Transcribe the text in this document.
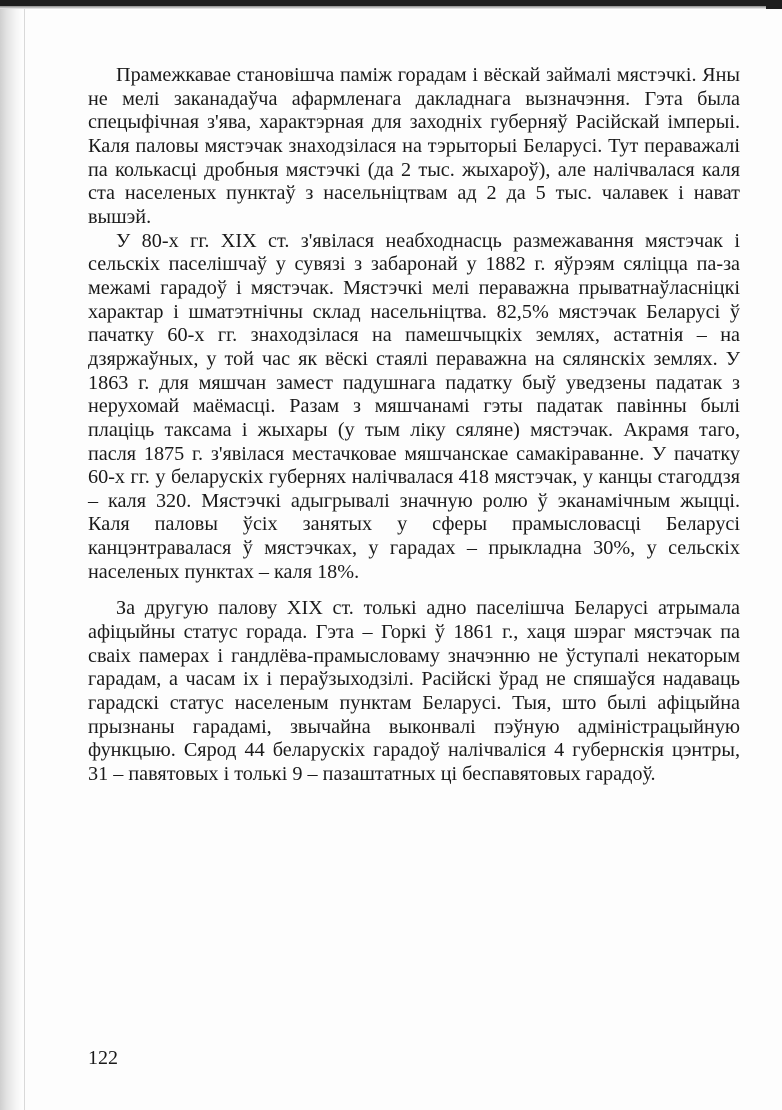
Прамежкавае становішча паміж горадам і вёскай займалі мястэчкі. Яны не мелі заканадаўча афармленага дакладнага вызначэння. Гэта была спецыфічная з'ява, характэрная для заходніх губерняў Расійскай імперыі. Каля паловы мястэчак знаходзілася на тэрыторыі Беларусі. Тут пераважалі па колькасці дробныя мястэчкі (да 2 тыс. жыхароў), але налічвалася каля ста населеных пунктаў з насельніцтвам ад 2 да 5 тыс. чалавек і нават вышэй.

У 80-х гг. ХІХ ст. з'явілася неабходнасць размежавання мястэчак і сельскіх паселішчаў у сувязі з забаронай у 1882 г. яўрэям сяліцца па-за межамі гарадоў і мястэчак. Мястэчкі мелі пераважна прыватнаўласніцкі характар і шматэтнічны склад насельніцтва. 82,5% мястэчак Беларусі ў пачатку 60-х гг. знаходзілася на памешчыцкіх землях, астатнія – на дзяржаўных, у той час як вёскі стаялі пераважна на сялянскіх землях. У 1863 г. для мяшчан замест падушнага падатку быў уведзены падатак з нерухомай маёмасці. Разам з мяшчанамі гэты падатак павінны былі плаціць таксама і жыхары (у тым ліку сяляне) мястэчак. Акрамя таго, пасля 1875 г. з'явілася местачковае мяшчанскае самакіраванне. У пачатку 60-х гг. у беларускіх губернях налічвалася 418 мястэчак, у канцы стагоддзя – каля 320. Мястэчкі адыгрывалі значную ролю ў эканамічным жыцці. Каля паловы ўсіх занятых у сферы прамысловасці Беларусі канцэнтравалася ў мястэчках, у гарадах – прыкладна 30%, у сельскіх населеных пунктах – каля 18%.

За другую палову ХІХ ст. толькі адно паселішча Беларусі атрымала афіцыйны статус горада. Гэта – Горкі ў 1861 г., хаця шэраг мястэчак па сваіх памерах і гандлёва-прамысловаму значэнню не ўступалі некаторым гарадам, а часам іх і пераўзыходзілі. Расійскі ўрад не спяшаўся надаваць гарадскі статус населеным пунктам Беларусі. Тыя, што былі афіцыйна прызнаны гарадамі, звычайна выконвалі пэўную адміністрацыйную функцыю. Сярод 44 беларускіх гарадоў налічваліся 4 губернскія цэнтры, 31 – павятовых і толькі 9 – пазаштатных ці беспавятовых гарадоў.

122
